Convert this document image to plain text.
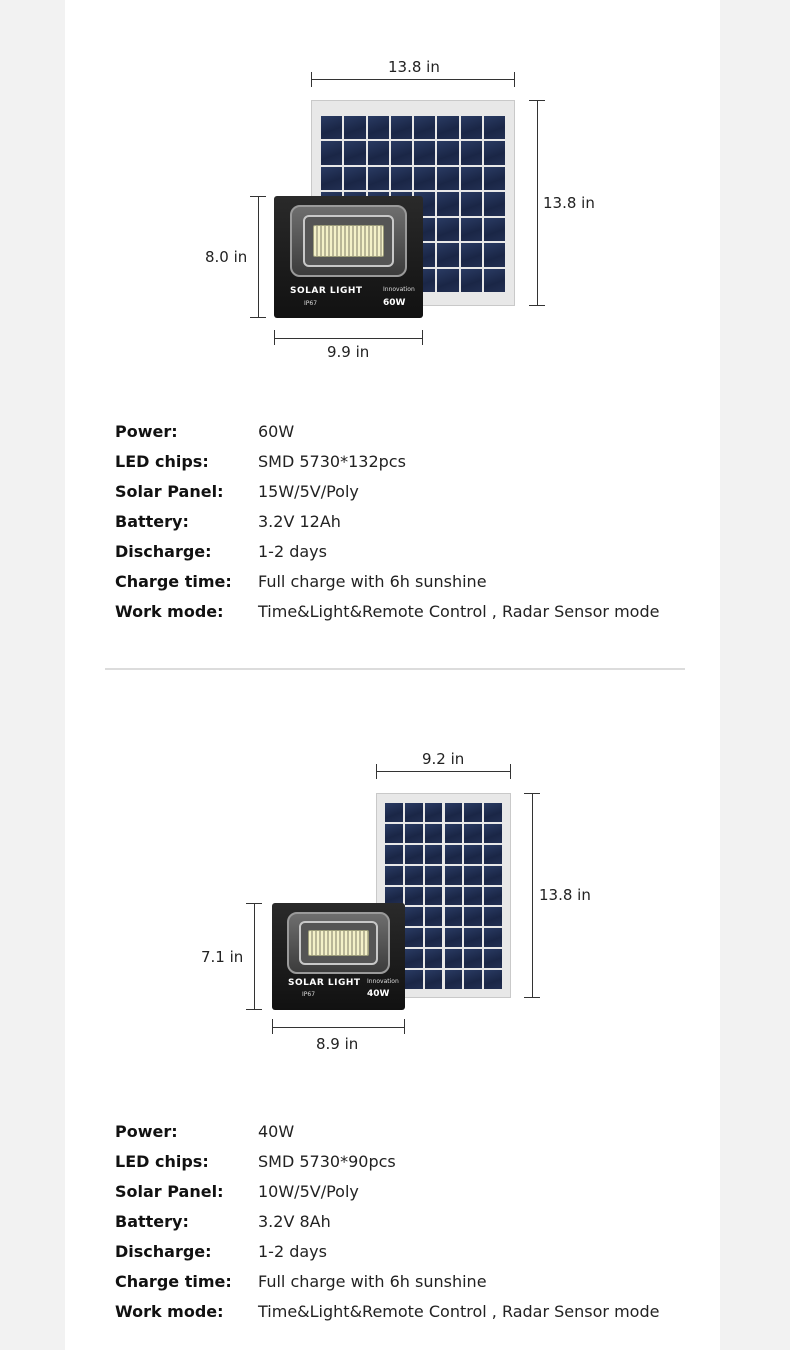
13.8 in
13.8 in
SOLAR LIGHT
IP67
Innovation
60W
8.0 in
9.9 in
Power:	60W
LED chips:	SMD 5730*132pcs
Solar Panel: 15W/5V/Poly
Battery:	3.2V 12Ah
Discharge:	1-2 days
Charge time: Full charge with 6h sunshine
Work mode: Time&Light&Remote Control , Radar Sensor mode
9.2 in
13.8 in
SOLAR LIGHT
IP67
Innovation
40W
7.1 in
8.9 in
Power:	40W
LED chips:	SMD 5730*90pcs
Solar Panel: 10W/5V/Poly
Battery:	3.2V 8Ah
Discharge:	1-2 days
Charge time: Full charge with 6h sunshine
Work mode: Time&Light&Remote Control , Radar Sensor mode
